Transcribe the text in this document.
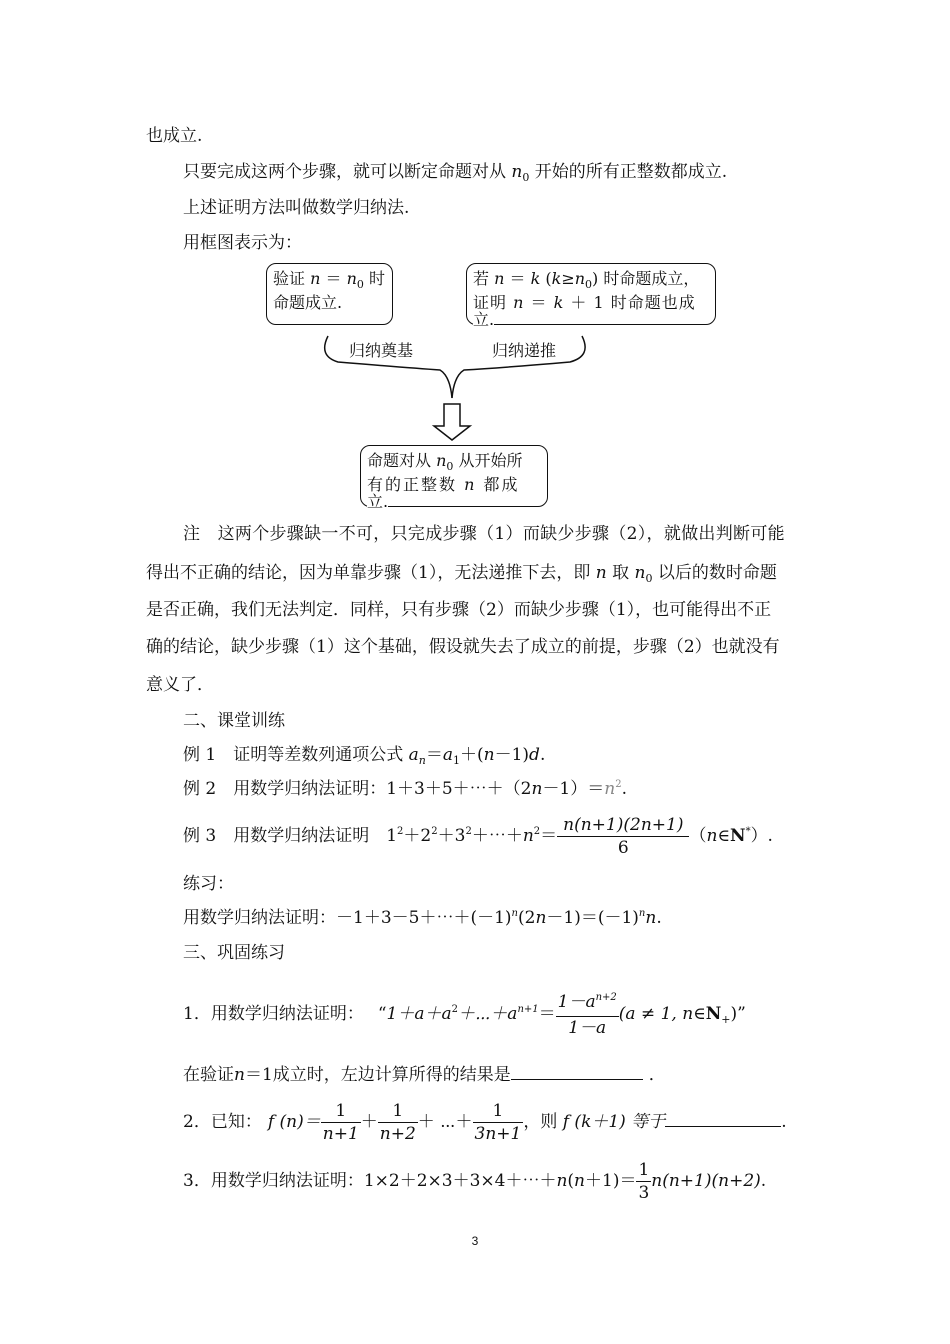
也成立.
只要完成这两个步骤，就可以断定命题对从 $n_0$ 开始的所有正整数都成立.
上述证明方法叫做数学归纳法.
用框图表示为：
验证 $n = n_0$ 时
命题成立.
若 n ＝ k $(k\ge n_0)$ 时命题成立，
证明 n ＝ k ＋ 1 时命题也成
立.
归纳奠基	归纳递推
命题对从 $n_0$ 从开始所
有的正整数 n 都成
立.
注　这两个步骤缺一不可，只完成步骤（1）而缺少步骤（2），就做出判断可能
得出不正确的结论，因为单靠步骤（1），无法递推下去，即 n 取 $n_0$ 以后的数时命题
是否正确，我们无法判定．同样，只有步骤（2）而缺少步骤（1），也可能得出不正
确的结论，缺少步骤（1）这个基础，假设就失去了成立的前提，步骤（2）也就没有
意义了．
二、课堂训练
例 1　证明等差数列通项公式 $a_n=a_1+(n-1)d$.
例 2　用数学归纳法证明：$1+3+5+\cdots+(2n-1)=n^2$.
例 3　用数学归纳法证明　$1^2+2^2+3^2+\cdots+n^2= \frac{n(n+1)(2n+1)}{6}$ （n∈N*）.
练习：
用数学归纳法证明：$-1+3-5+\cdots+(-1)^n(2n-1)=(-1)^nn$.
三、巩固练习
1．用数学归纳法证明： “$1+a+a^2+\cdots+a^{n+1}= \frac{1-a^{n+2}}{1-a} (a \ne 1$, $n\in N_+$)”
在验证n＝1成立时，左边计算所得的结果是	．
2．已知： f $(n)= \frac{1}{n+1} + \frac{1}{n+2}$ ＋ ⋯＋ $\frac{1}{3n+1}$ ，则 f (k＋1) 等于	.
3．用数学归纳法证明：1×2＋2×3＋3×4＋⋯＋n(n＋1)＝ $\frac{1}{3} n(n+1)(n+2)$.
3
